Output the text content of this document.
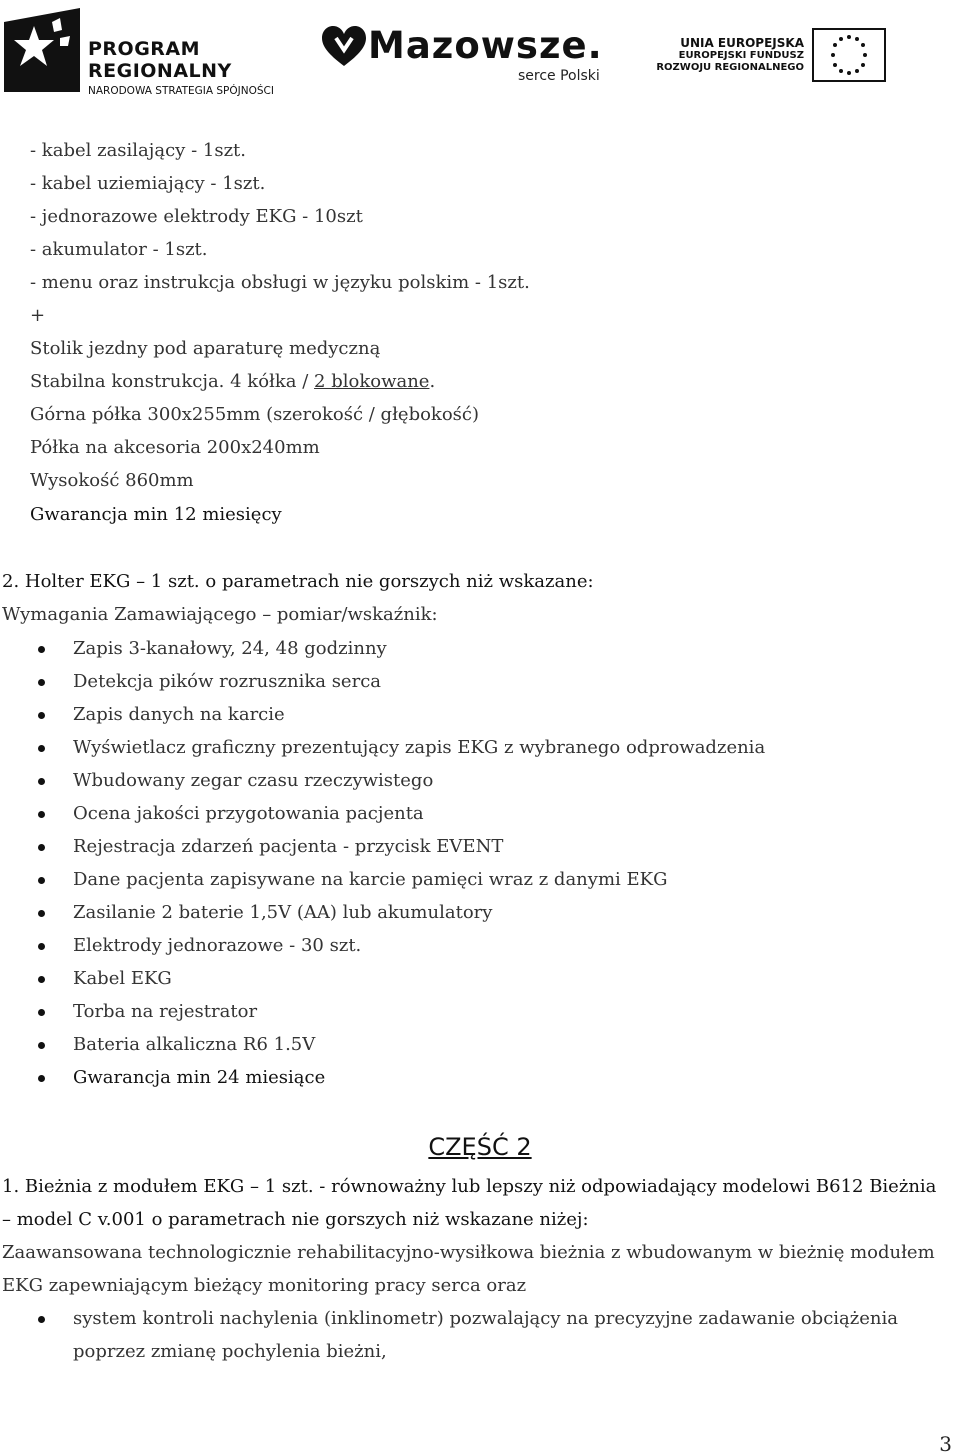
PROGRAM
REGIONALNY
NARODOWA STRATEGIA SPÓJNOŚCI
Mazowsze.
serce Polski
UNIA EUROPEJSKA
EUROPEJSKI FUNDUSZ
ROZWOJU REGIONALNEGO
- kabel zasilający - 1szt.
- kabel uziemiający - 1szt.
- jednorazowe elektrody EKG - 10szt
- akumulator - 1szt.
- menu oraz instrukcja obsługi w języku polskim - 1szt.
+
Stolik jezdny pod aparaturę medyczną
Stabilna konstrukcja. 4 kółka / 2 blokowane.
Górna półka 300x255mm (szerokość / głębokość)
Półka na akcesoria 200x240mm
Wysokość 860mm
Gwarancja min 12 miesięcy
2. Holter EKG – 1 szt. o parametrach nie gorszych niż wskazane:
Wymagania Zamawiającego – pomiar/wskaźnik:
Zapis 3-kanałowy, 24, 48 godzinny
Detekcja pików rozrusznika serca
Zapis danych na karcie
Wyświetlacz graficzny prezentujący zapis EKG z wybranego odprowadzenia
Wbudowany zegar czasu rzeczywistego
Ocena jakości przygotowania pacjenta
Rejestracja zdarzeń pacjenta - przycisk EVENT
Dane pacjenta zapisywane na karcie pamięci wraz z danymi EKG
Zasilanie 2 baterie 1,5V (AA) lub akumulatory
Elektrody jednorazowe - 30 szt.
Kabel EKG
Torba na rejestrator
Bateria alkaliczna R6 1.5V
Gwarancja min 24 miesiące
CZĘŚĆ 2
1. Bieżnia z modułem EKG – 1 szt. - równoważny lub lepszy niż odpowiadający modelowi B612 Bieżnia
– model C v.001 o parametrach nie gorszych niż wskazane niżej:
Zaawansowana technologicznie rehabilitacyjno-wysiłkowa bieżnia z wbudowanym w bieżnię modułem
EKG zapewniającym bieżący monitoring pracy serca oraz
system kontroli nachylenia (inklinometr) pozwalający na precyzyjne zadawanie obciążenia
poprzez zmianę pochylenia bieżni,
3
